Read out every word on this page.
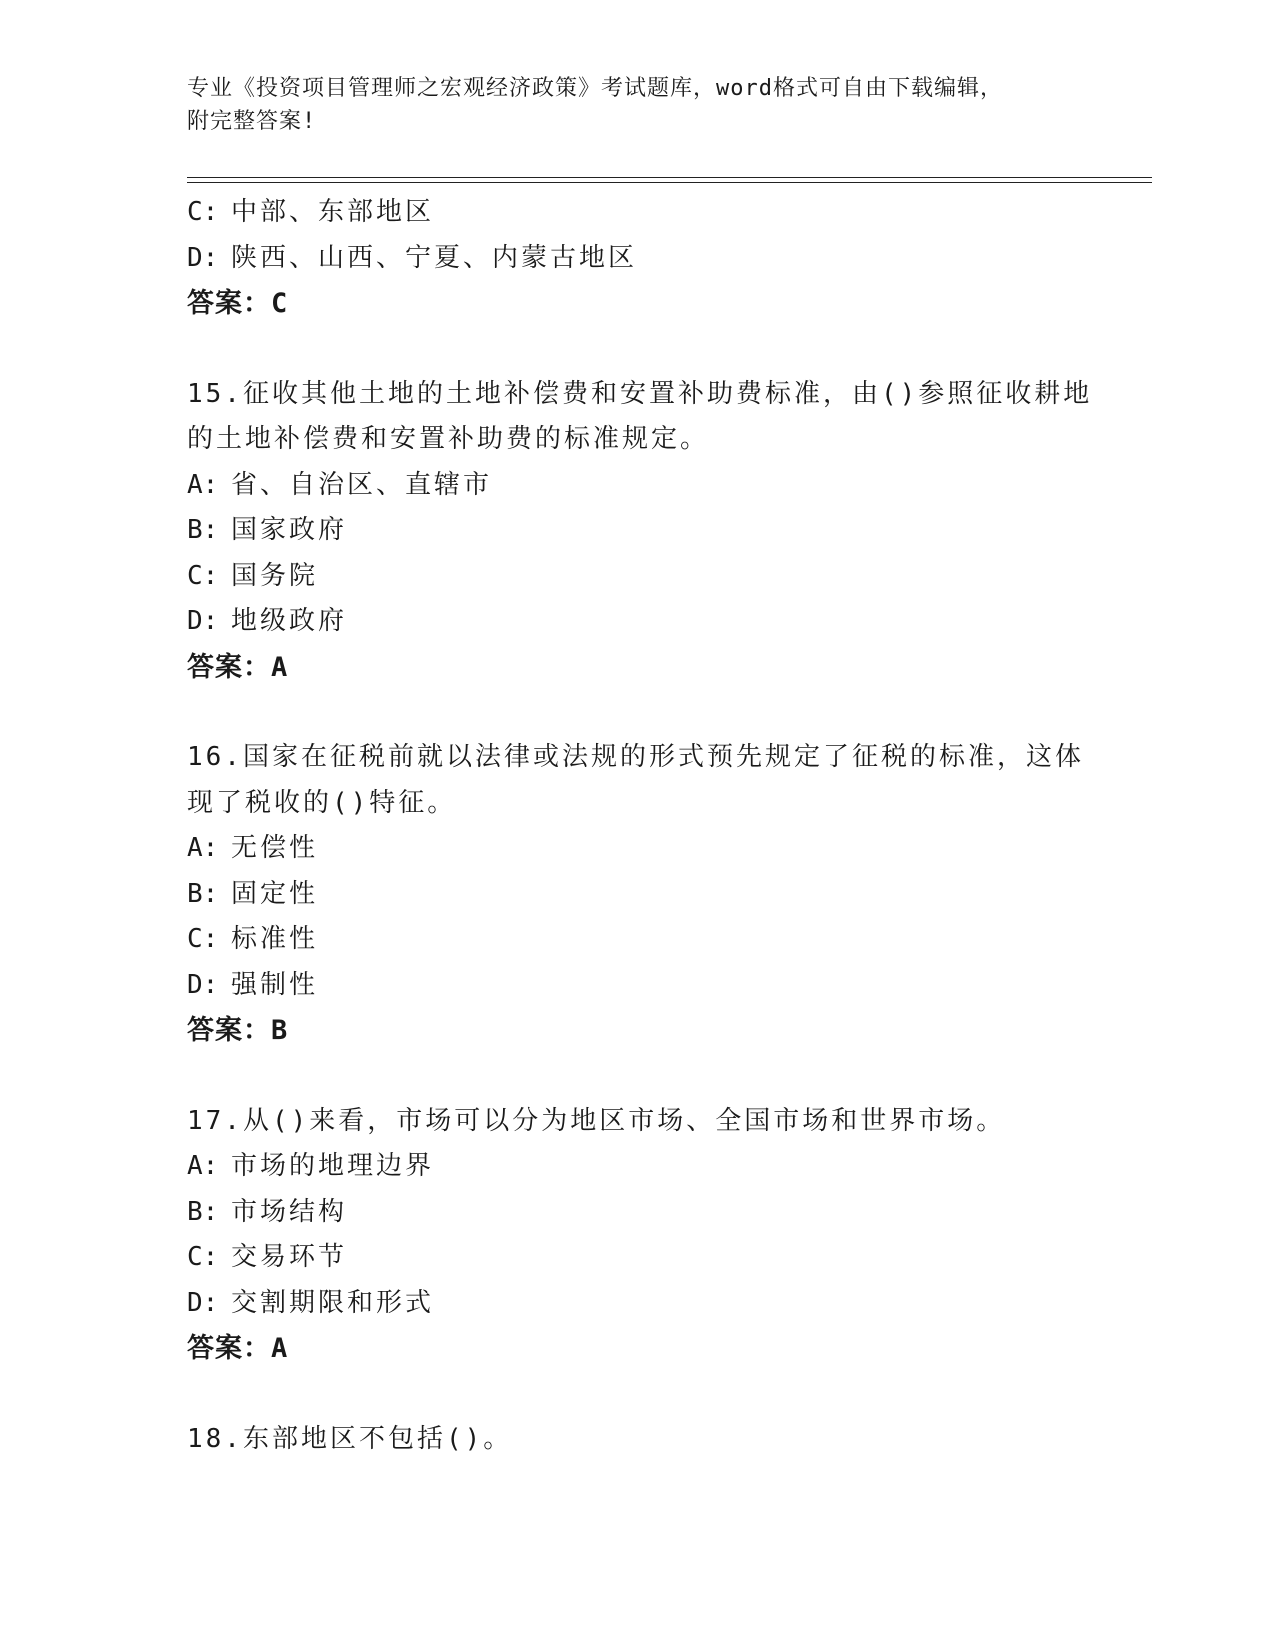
专业《投资项目管理师之宏观经济政策》考试题库，word格式可自由下载编辑，
附完整答案!
C: 中部、东部地区
D: 陕西、山西、宁夏、内蒙古地区
答案：C
15.征收其他土地的土地补偿费和安置补助费标准，由()参照征收耕地
的土地补偿费和安置补助费的标准规定。
A: 省、自治区、直辖市
B: 国家政府
C: 国务院
D: 地级政府
答案：A
16.国家在征税前就以法律或法规的形式预先规定了征税的标准，这体
现了税收的()特征。
A: 无偿性
B: 固定性
C: 标准性
D: 强制性
答案：B
17.从()来看，市场可以分为地区市场、全国市场和世界市场。
A: 市场的地理边界
B: 市场结构
C: 交易环节
D: 交割期限和形式
答案：A
18.东部地区不包括()。
